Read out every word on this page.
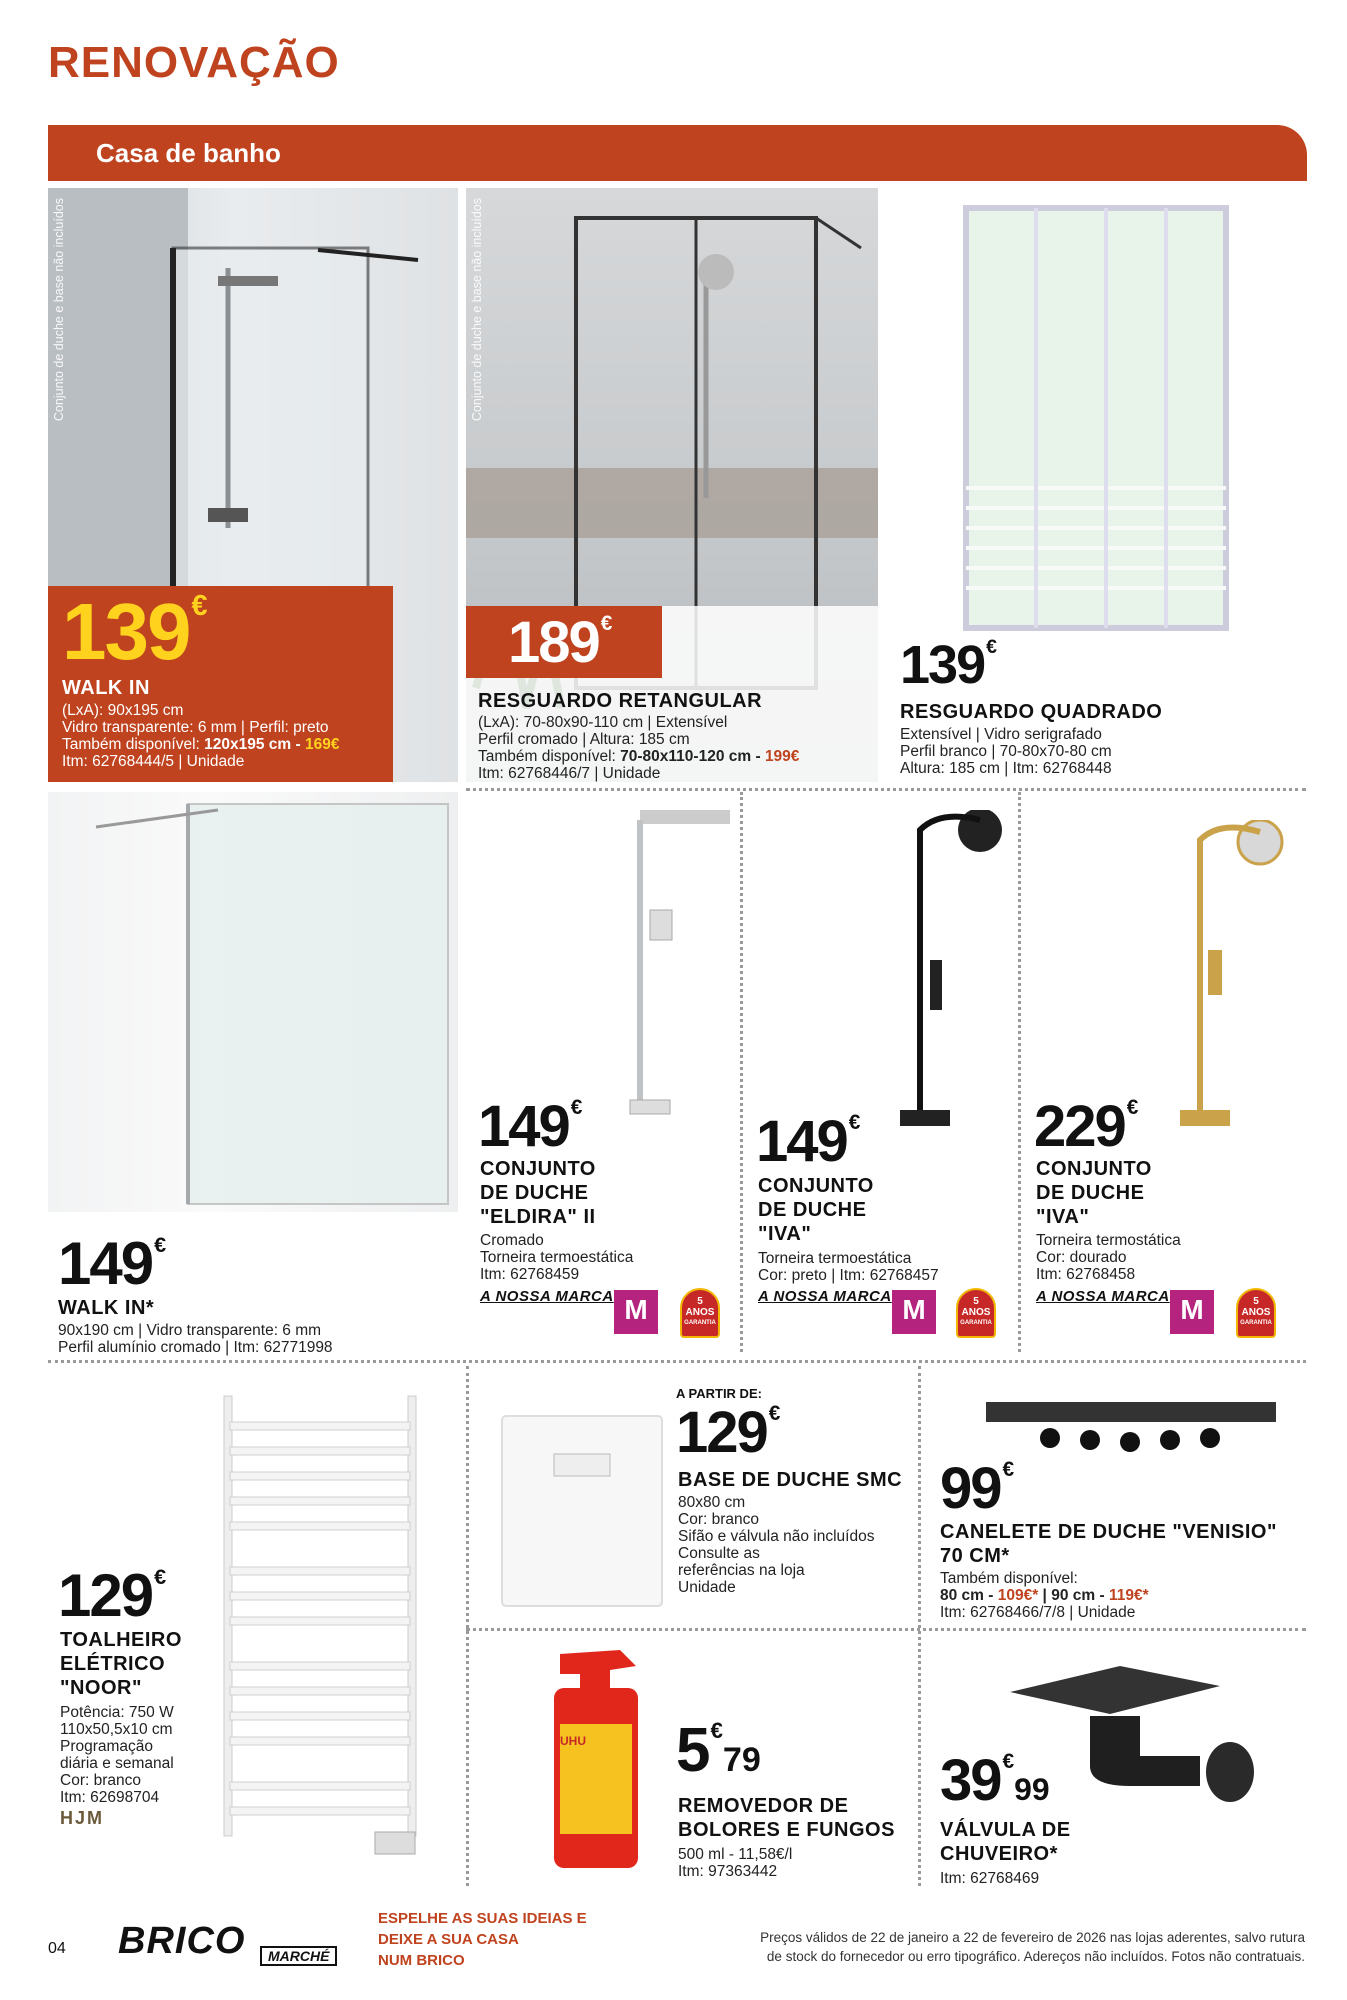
RENOVAÇÃO
Casa de banho
Conjunto de duche e base não incluídos
139€
WALK IN
(LxA): 90x195 cm
Vidro transparente: 6 mm | Perfil: preto
Também disponível: 120x195 cm - 169€
Itm: 62768444/5 | Unidade
Conjunto de duche e base não incluídos
189€
RESGUARDO RETANGULAR
(LxA): 70-80x90-110 cm | Extensível
Perfil cromado | Altura: 185 cm
Também disponível: 70-80x110-120 cm - 199€
Itm: 62768446/7 | Unidade
139 €
RESGUARDO QUADRADO
Extensível | Vidro serigrafado
Perfil branco | 70-80x70-80 cm
Altura: 185 cm | Itm: 62768448
149€
WALK IN*
90x190 cm | Vidro transparente: 6 mm
Perfil alumínio cromado | Itm: 62771998
149€
CONJUNTO
DE DUCHE
"ELDIRA" II
Cromado
Torneira termoestática
Itm: 62768459
A NOSSA MARCA M	5
ANOS
GARANTIA
149€
CONJUNTO
DE DUCHE
"IVA"
Torneira termoestática
Cor: preto | Itm: 62768457
A NOSSA MARCA M	5
ANOS
GARANTIA
229€
CONJUNTO
DE DUCHE
"IVA"
Torneira termostática
Cor: dourado
Itm: 62768458
A NOSSA MARCA M	5
ANOS
GARANTIA
129€
TOALHEIRO
ELÉTRICO
"NOOR"
Potência: 750 W
110x50,5x10 cm
Programação
diária e semanal
Cor: branco
Itm: 62698704
HJM
A PARTIR DE:
129€
BASE DE DUCHE SMC
80x80 cm
Cor: branco
Sifão e válvula não incluídos
Consulte as
referências na loja
Unidade
99€
CANELETE DE DUCHE "VENISIO"
70 CM*
Também disponível:
80 cm - 109€* | 90 cm - 119€*
Itm: 62768466/7/8 | Unidade
UHU 5€79
REMOVEDOR DE
BOLORES E FUNGOS
500 ml - 11,58€/l
Itm: 97363442
39€99
VÁLVULA DE
CHUVEIRO*
Itm: 62768469
04 BRICO	MARCHÉ
ESPELHE AS SUAS IDEIAS E
DEIXE A SUA CASA
NUM BRICO
Preços válidos de 22 de janeiro a 22 de fevereiro de 2026 nas lojas aderentes, salvo rutura
de stock do fornecedor ou erro tipográfico. Adereços não incluídos. Fotos não contratuais.
